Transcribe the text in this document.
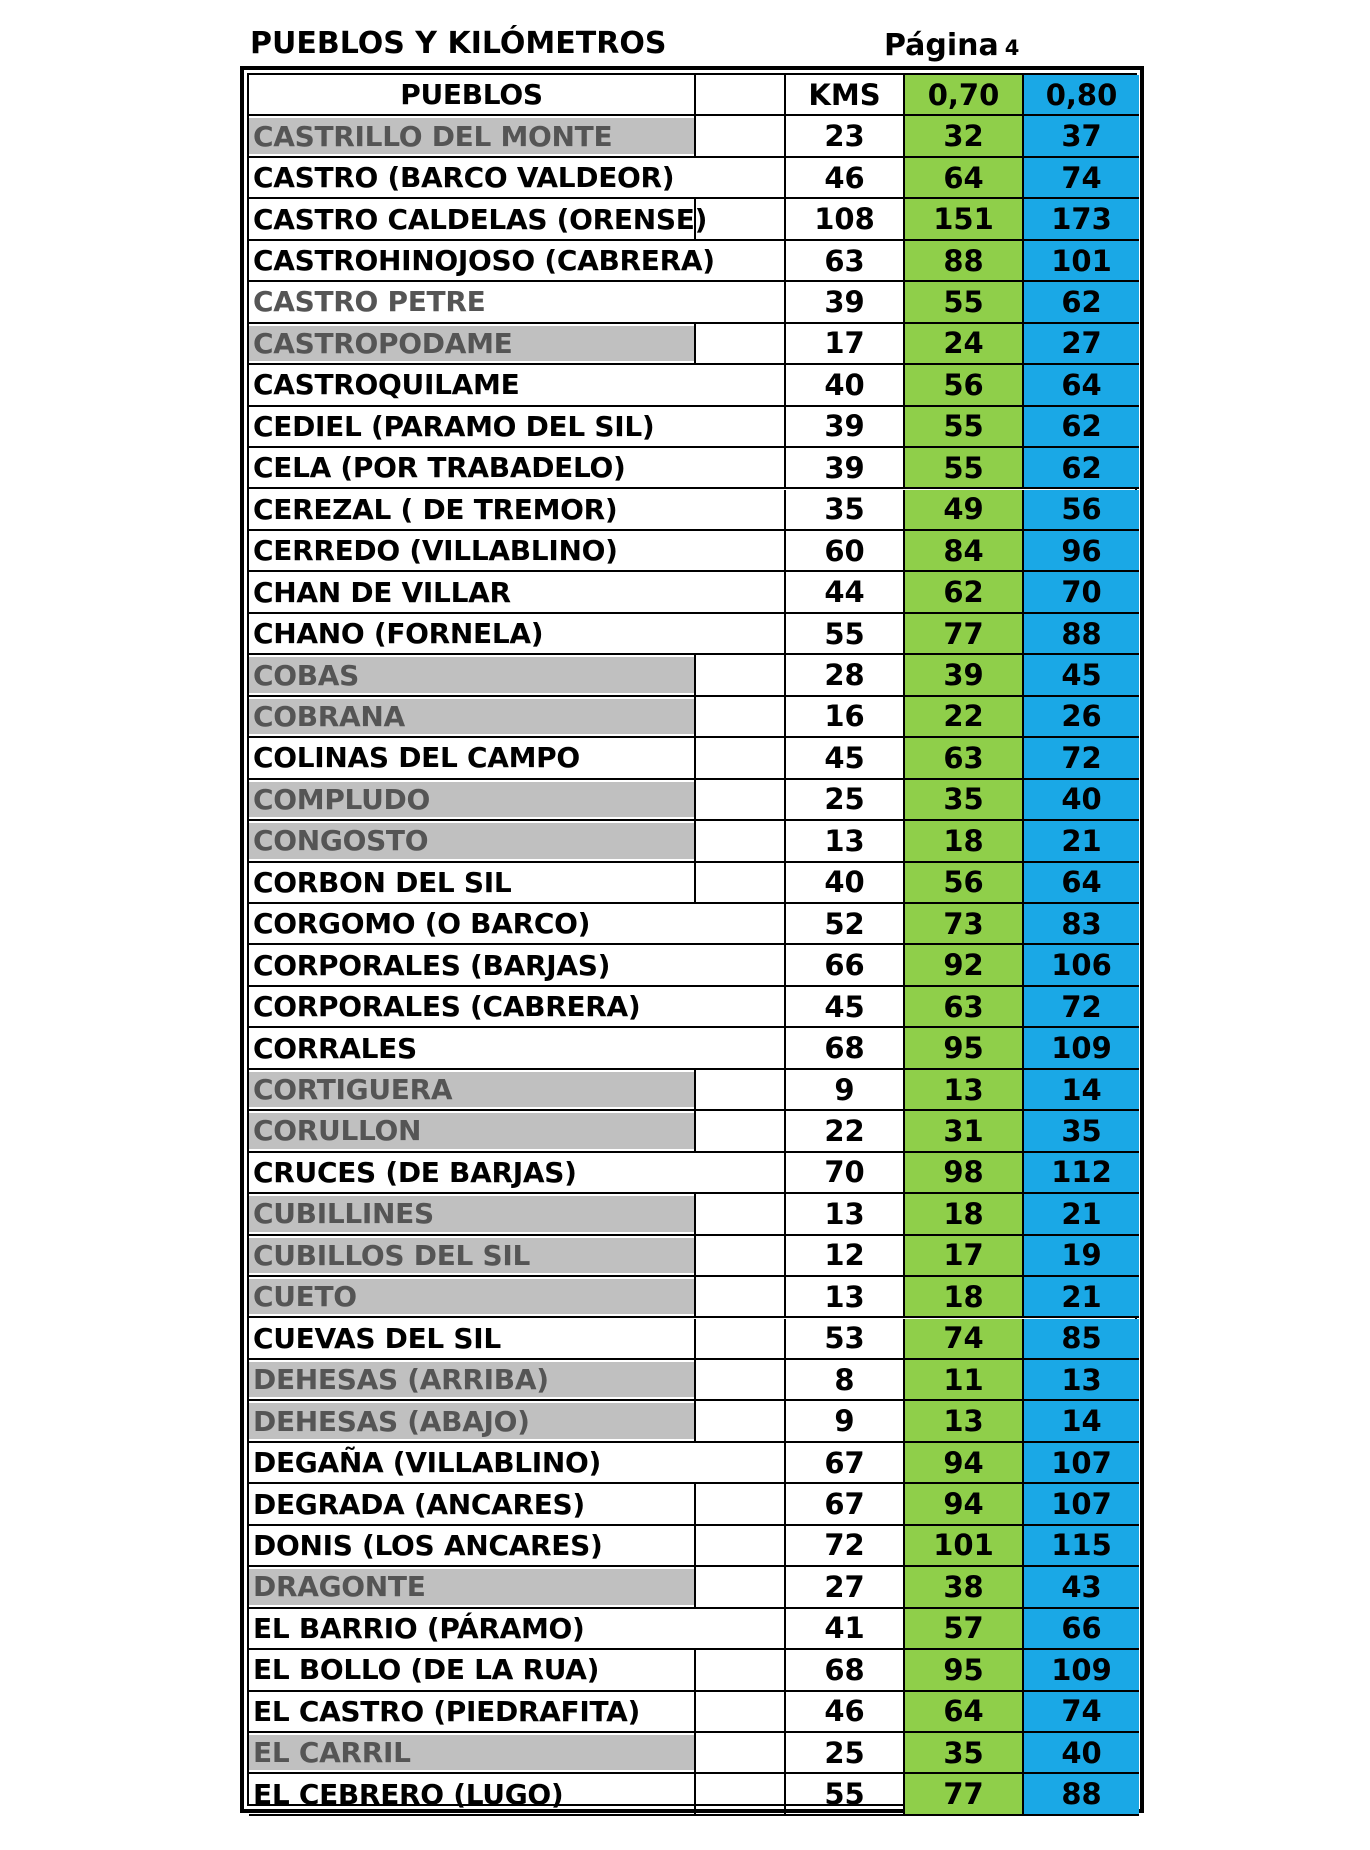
PUEBLOS Y KILÓMETROS	Página 4
PUEBLOS	KMS	0,70	0,80
CASTRILLO DEL MONTE	23	32	37
CASTRO (BARCO VALDEOR)	46	64	74
CASTRO CALDELAS (ORENSE)	108	151	173
CASTROHINOJOSO (CABRERA)	63	88	101
CASTRO PETRE	39	55	62
CASTROPODAME	17	24	27
CASTROQUILAME	40	56	64
CEDIEL (PARAMO DEL SIL)	39	55	62
CELA (POR TRABADELO)	39	55	62
CEREZAL ( DE TREMOR)	35	49	56
CERREDO (VILLABLINO)	60	84	96
CHAN DE VILLAR	44	62	70
CHANO (FORNELA)	55	77	88
COBAS	28	39	45
COBRANA	16	22	26
COLINAS DEL CAMPO	45	63	72
COMPLUDO	25	35	40
CONGOSTO	13	18	21
CORBON DEL SIL	40	56	64
CORGOMO (O BARCO)	52	73	83
CORPORALES (BARJAS)	66	92	106
CORPORALES (CABRERA)	45	63	72
CORRALES	68	95	109
CORTIGUERA	9	13	14
CORULLON	22	31	35
CRUCES (DE BARJAS)	70	98	112
CUBILLINES	13	18	21
CUBILLOS DEL SIL	12	17	19
CUETO	13	18	21
CUEVAS DEL SIL	53	74	85
DEHESAS (ARRIBA)	8	11	13
DEHESAS (ABAJO)	9	13	14
DEGAÑA (VILLABLINO)	67	94	107
DEGRADA (ANCARES)	67	94	107
DONIS (LOS ANCARES)	72	101	115
DRAGONTE	27	38	43
EL BARRIO (PÁRAMO)	41	57	66
EL BOLLO (DE LA RUA)	68	95	109
EL CASTRO (PIEDRAFITA)	46	64	74
EL CARRIL	25	35	40
EL CEBRERO (LUGO)	55	77	88
